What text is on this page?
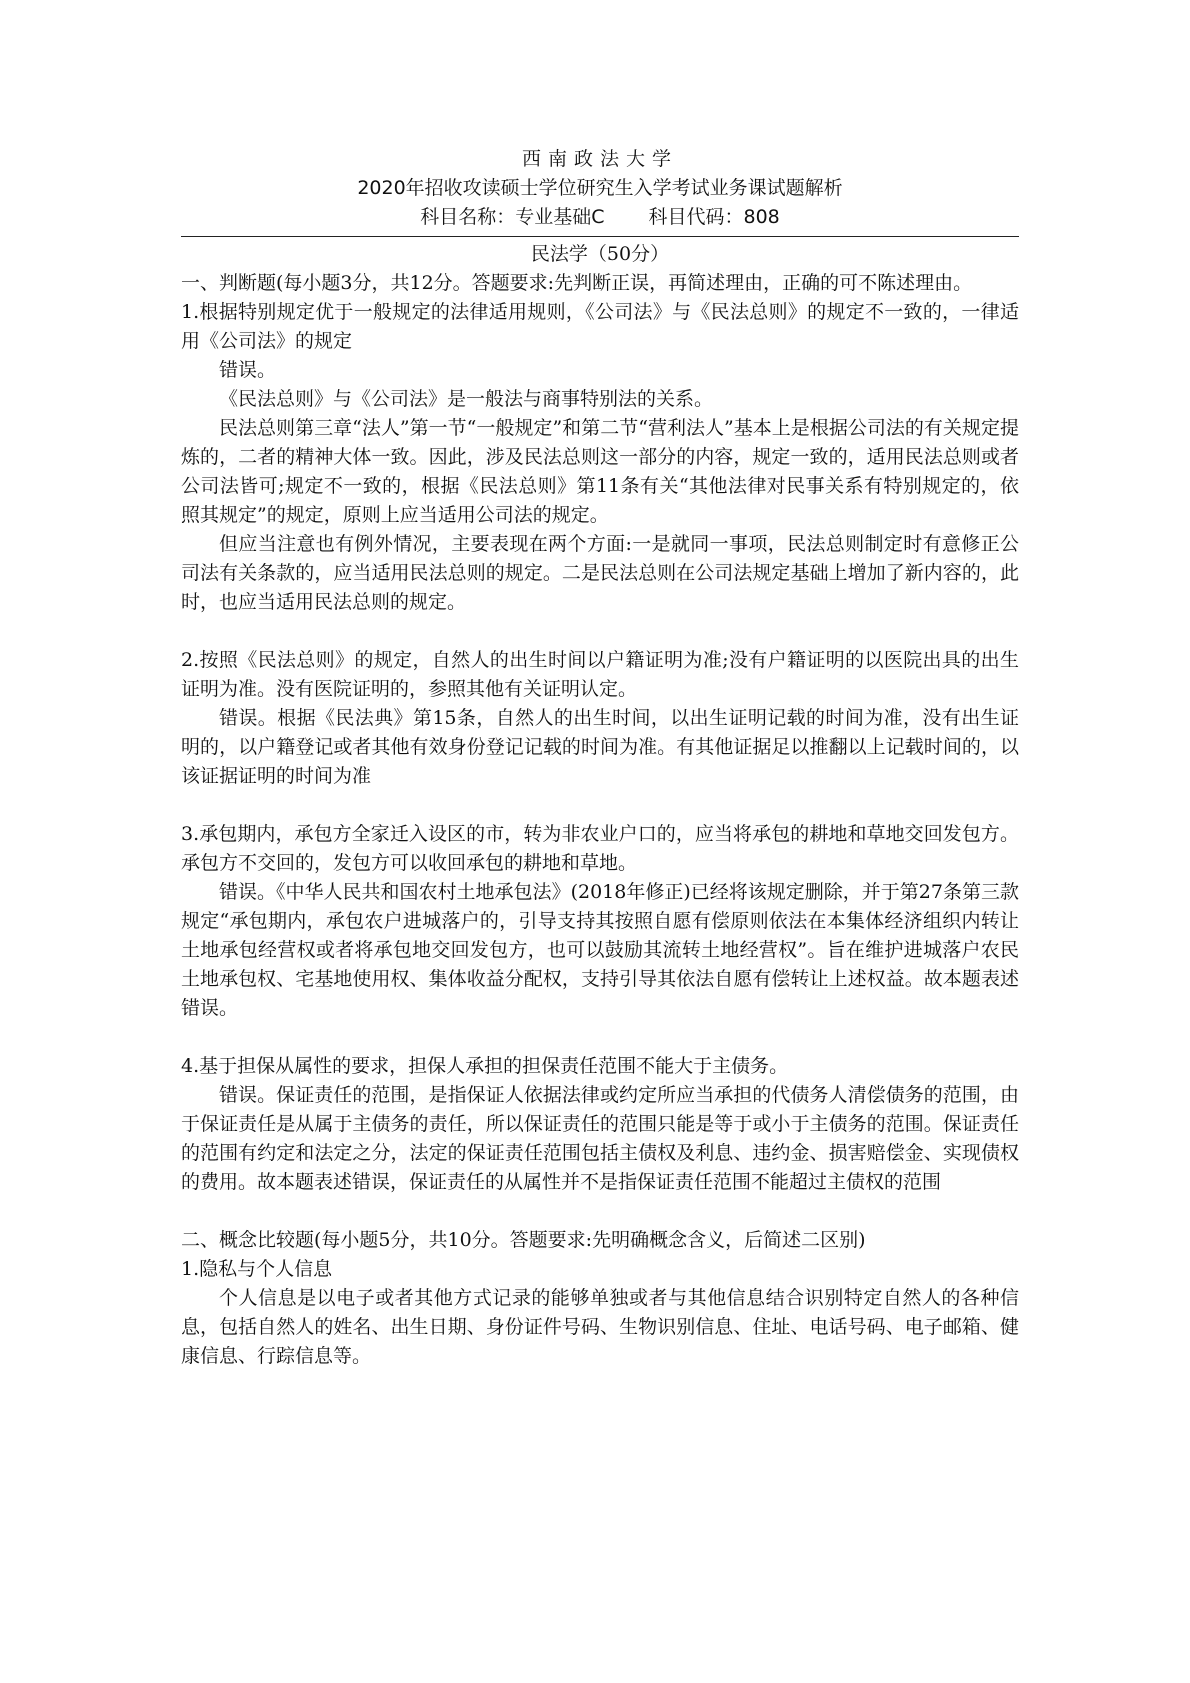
西南政法大学
2020年招收攻读硕士学位研究生入学考试业务课试题解析
科目名称：专业基础C 科目代码：808
民法学（50分）

一、判断题(每小题3分，共12分。答题要求:先判断正误，再简述理由，正确的可不陈述理由。

1.根据特别规定优于一般规定的法律适用规则，《公司法》与《民法总则》的规定不一致的，一律适用《公司法》的规定

错误。

《民法总则》与《公司法》是一般法与商事特别法的关系。

民法总则第三章“法人”第一节“一般规定”和第二节“营利法人”基本上是根据公司法的有关规定提炼的，二者的精神大体一致。因此，涉及民法总则这一部分的内容，规定一致的，适用民法总则或者公司法皆可;规定不一致的，根据《民法总则》第11条有关“其他法律对民事关系有特别规定的，依照其规定”的规定，原则上应当适用公司法的规定。

但应当注意也有例外情况，主要表现在两个方面:一是就同一事项，民法总则制定时有意修正公司法有关条款的，应当适用民法总则的规定。二是民法总则在公司法规定基础上增加了新内容的，此时，也应当适用民法总则的规定。

2.按照《民法总则》的规定，自然人的出生时间以户籍证明为准;没有户籍证明的以医院出具的出生证明为准。没有医院证明的，参照其他有关证明认定。

错误。根据《民法典》第15条，自然人的出生时间，以出生证明记载的时间为准，没有出生证明的，以户籍登记或者其他有效身份登记记载的时间为准。有其他证据足以推翻以上记载时间的，以该证据证明的时间为准

3.承包期内，承包方全家迁入设区的市，转为非农业户口的，应当将承包的耕地和草地交回发包方。承包方不交回的，发包方可以收回承包的耕地和草地。

错误。《中华人民共和国农村土地承包法》(2018年修正)已经将该规定删除，并于第27条第三款规定“承包期内，承包农户进城落户的，引导支持其按照自愿有偿原则依法在本集体经济组织内转让土地承包经营权或者将承包地交回发包方，也可以鼓励其流转土地经营权”。旨在维护进城落户农民土地承包权、宅基地使用权、集体收益分配权，支持引导其依法自愿有偿转让上述权益。故本题表述错误。

4.基于担保从属性的要求，担保人承担的担保责任范围不能大于主债务。

错误。保证责任的范围，是指保证人依据法律或约定所应当承担的代债务人清偿债务的范围，由于保证责任是从属于主债务的责任，所以保证责任的范围只能是等于或小于主债务的范围。保证责任的范围有约定和法定之分，法定的保证责任范围包括主债权及利息、违约金、损害赔偿金、实现债权的费用。故本题表述错误，保证责任的从属性并不是指保证责任范围不能超过主债权的范围

二、概念比较题(每小题5分，共10分。答题要求:先明确概念含义，后简述二区别)

1.隐私与个人信息

个人信息是以电子或者其他方式记录的能够单独或者与其他信息结合识别特定自然人的各种信息，包括自然人的姓名、出生日期、身份证件号码、生物识别信息、住址、电话号码、电子邮箱、健康信息、行踪信息等。
